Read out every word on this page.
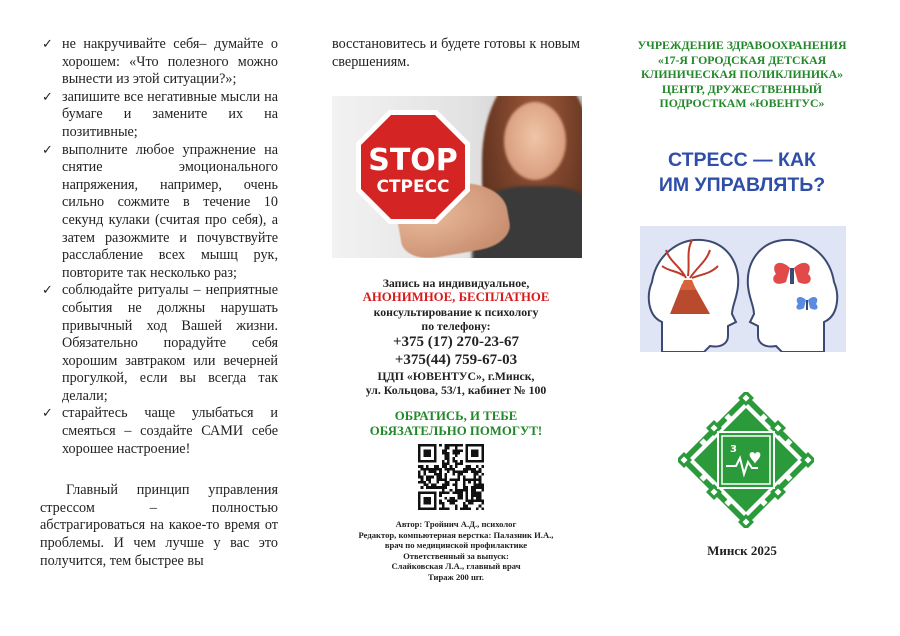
✓ не накручивайте себя– думайте о хорошем: «Что полезного можно вынести из этой ситуации?»;
✓ запишите все негативные мысли на бумаге и замените их на позитивные;
✓ выполните любое упражнение на снятие эмоционального напряжения, например, очень сильно сожмите в течение 10 секунд кулаки (считая про себя), а затем разожмите и почувствуйте расслабление всех мышц рук, повторите так несколько раз;
✓ соблюдайте ритуалы – неприятные события не должны нарушать привычный ход Вашей жизни. Обязательно порадуйте себя хорошим завтраком или вечерней прогулкой, если вы всегда так делали;
✓ старайтесь чаще улыбаться и смеяться – создайте САМИ себе хорошее настроение!

Главный принцип управления стрессом – полностью абстрагироваться на какое-то время от проблемы. И чем лучше у вас это получится, тем быстрее вы

восстановитесь и будете готовы к новым свершениям.

STOP
СТРЕСС

Запись на индивидуальное,

АНОНИМНОЕ, БЕСПЛАТНОЕ

консультирование к психологу

по телефону:

+375 (17) 270-23-67

+375(44) 759-67-03

ЦДП «ЮВЕНТУС», г.Минск,

ул. Кольцова, 53/1, кабинет № 100

ОБРАТИСЬ, И ТЕБЕ

ОБЯЗАТЕЛЬНО ПОМОГУТ!

Автор: Тройнич А.Д., психолог

Редактор, компьютерная верстка: Палазник И.А.,

врач по медицинской профилактике

Ответственный за выпуск:

Слайковская Л.А., главный врач

Тираж 200 шт.

УЧРЕЖДЕНИЕ ЗДРАВООХРАНЕНИЯ

«17-Я ГОРОДСКАЯ ДЕТСКАЯ

КЛИНИЧЕСКАЯ ПОЛИКЛИНИКА»

ЦЕНТР, ДРУЖЕСТВЕННЫЙ

ПОДРОСТКАМ «ЮВЕНТУС»

СТРЕСС — КАК

ИМ УПРАВЛЯТЬ?

3
Минск 2025
